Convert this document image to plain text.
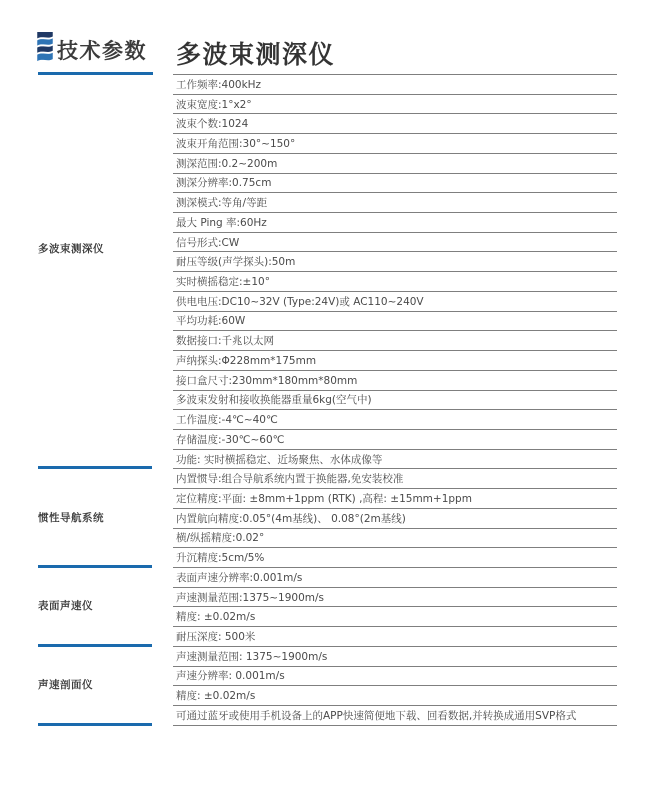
技术参数 多波束测深仪
多波束测深仪
惯性导航系统
表面声速仪
声速剖面仪
工作频率:400kHz
波束宽度:1°x2°
波束个数:1024
波束开角范围:30°~150°
测深范围:0.2~200m
测深分辨率:0.75cm
测深模式:等角/等距
最大 Ping 率:60Hz
信号形式:CW
耐压等级(声学探头):50m
实时横摇稳定:±10°
供电电压:DC10~32V (Type:24V)或 AC110~240V
平均功耗:60W
数据接口:千兆以太网
声纳探头:Φ228mm*175mm
接口盒尺寸:230mm*180mm*80mm
多波束发射和接收换能器重量6kg(空气中)
工作温度:-4℃~40℃
存储温度:-30℃~60℃
功能: 实时横摇稳定、近场聚焦、水体成像等
内置惯导:组合导航系统内置于换能器,免安装校准
定位精度:平面: ±8mm+1ppm (RTK) ,高程: ±15mm+1ppm
内置航向精度:0.05°(4m基线)、 0.08°(2m基线)
横/纵摇精度:0.02°
升沉精度:5cm/5%
表面声速分辨率:0.001m/s
声速测量范围:1375~1900m/s
精度: ±0.02m/s
耐压深度: 500米
声速测量范围: 1375~1900m/s
声速分辨率: 0.001m/s
精度: ±0.02m/s
可通过蓝牙或使用手机设备上的APP快速简便地下载、回看数据,并转换成通用SVP格式
